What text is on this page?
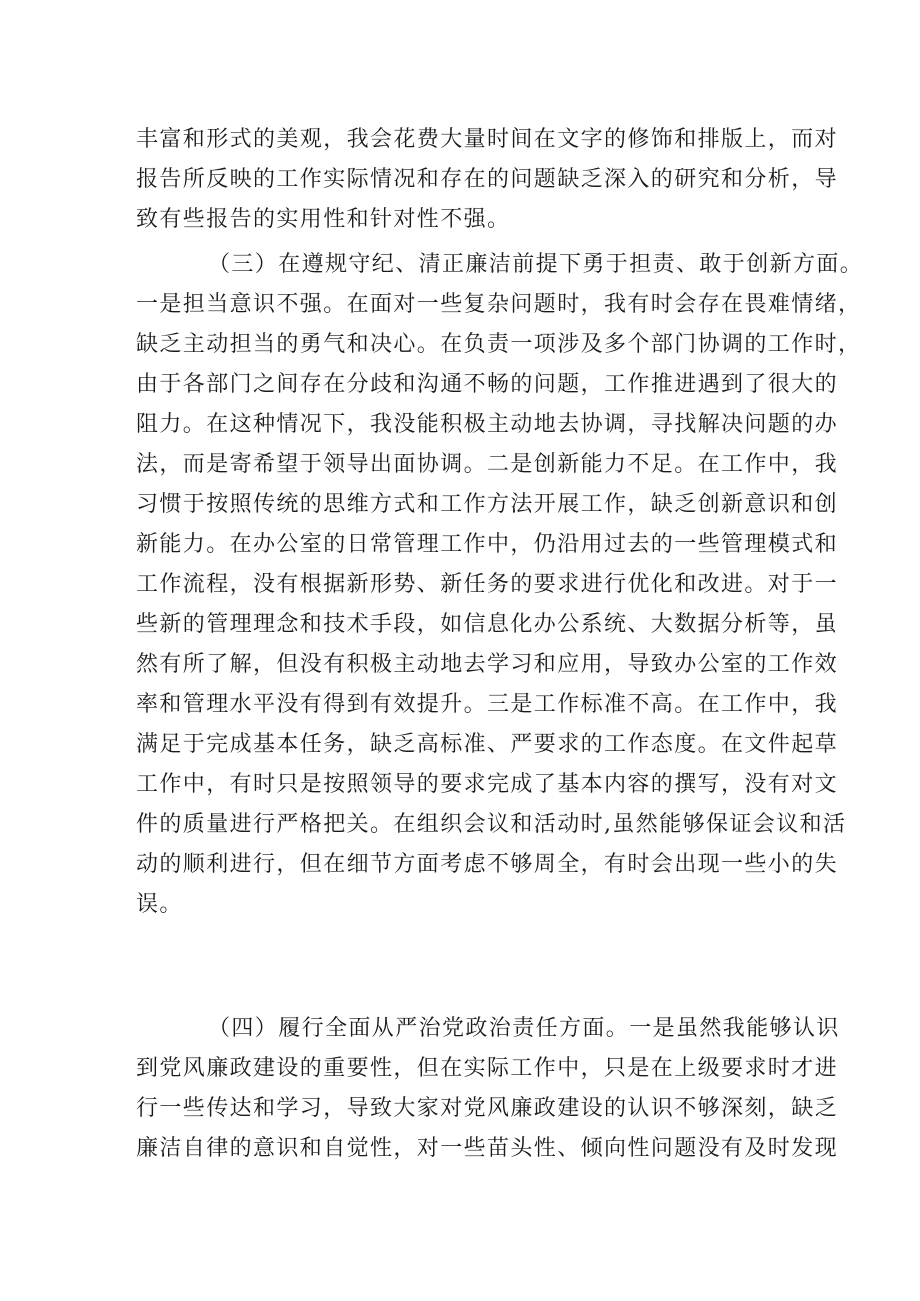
丰富和形式的美观，我会花费大量时间在文字的修饰和排版上，而对
报告所反映的工作实际情况和存在的问题缺乏深入的研究和分析，导
致有些报告的实用性和针对性不强。
（三）在遵规守纪、清正廉洁前提下勇于担责、敢于创新方面。
一是担当意识不强。在面对一些复杂问题时，我有时会存在畏难情绪，
缺乏主动担当的勇气和决心。在负责一项涉及多个部门协调的工作时，
由于各部门之间存在分歧和沟通不畅的问题，工作推进遇到了很大的
阻力。在这种情况下，我没能积极主动地去协调，寻找解决问题的办
法，而是寄希望于领导出面协调。二是创新能力不足。在工作中，我
习惯于按照传统的思维方式和工作方法开展工作，缺乏创新意识和创
新能力。在办公室的日常管理工作中，仍沿用过去的一些管理模式和
工作流程，没有根据新形势、新任务的要求进行优化和改进。对于一
些新的管理理念和技术手段，如信息化办公系统、大数据分析等，虽
然有所了解，但没有积极主动地去学习和应用，导致办公室的工作效
率和管理水平没有得到有效提升。三是工作标准不高。在工作中，我
满足于完成基本任务，缺乏高标准、严要求的工作态度。在文件起草
工作中，有时只是按照领导的要求完成了基本内容的撰写，没有对文
件的质量进行严格把关。在组织会议和活动时,虽然能够保证会议和活
动的顺利进行，但在细节方面考虑不够周全，有时会出现一些小的失
误。
（四）履行全面从严治党政治责任方面。一是虽然我能够认识
到党风廉政建设的重要性，但在实际工作中，只是在上级要求时才进
行一些传达和学习，导致大家对党风廉政建设的认识不够深刻，缺乏
廉洁自律的意识和自觉性，对一些苗头性、倾向性问题没有及时发现
